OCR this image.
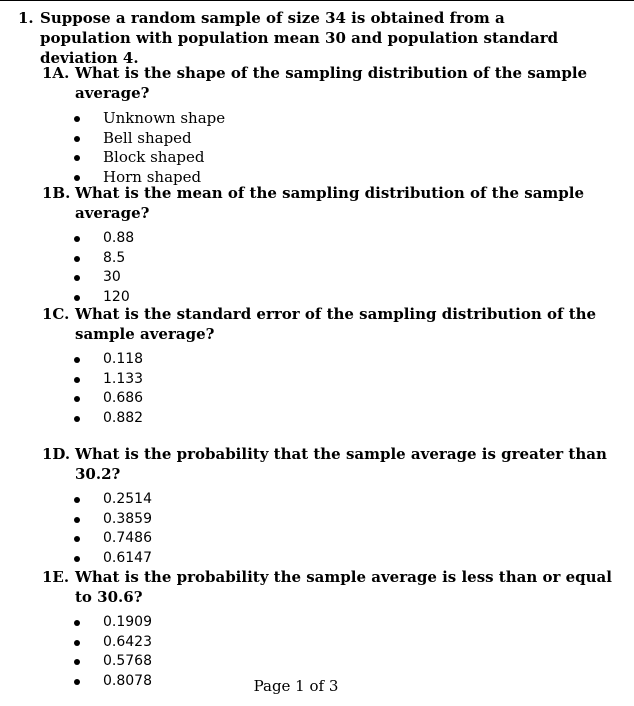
1. Suppose a random sample of size 34 is obtained from a population with population mean 30 and population standard deviation 4.
1A. What is the shape of the sampling distribution of the sample average?
Unknown shape
Bell shaped
Block shaped
Horn shaped
1B. What is the mean of the sampling distribution of the sample average?
0.88
8.5
30
120
1C. What is the standard error of the sampling distribution of the sample average?
0.118
1.133
0.686
0.882
1D. What is the probability that the sample average is greater than 30.2?
0.2514
0.3859
0.7486
0.6147
1E. What is the probability the sample average is less than or equal to 30.6?
0.1909
0.6423
0.5768
0.8078	Page 1 of 3
